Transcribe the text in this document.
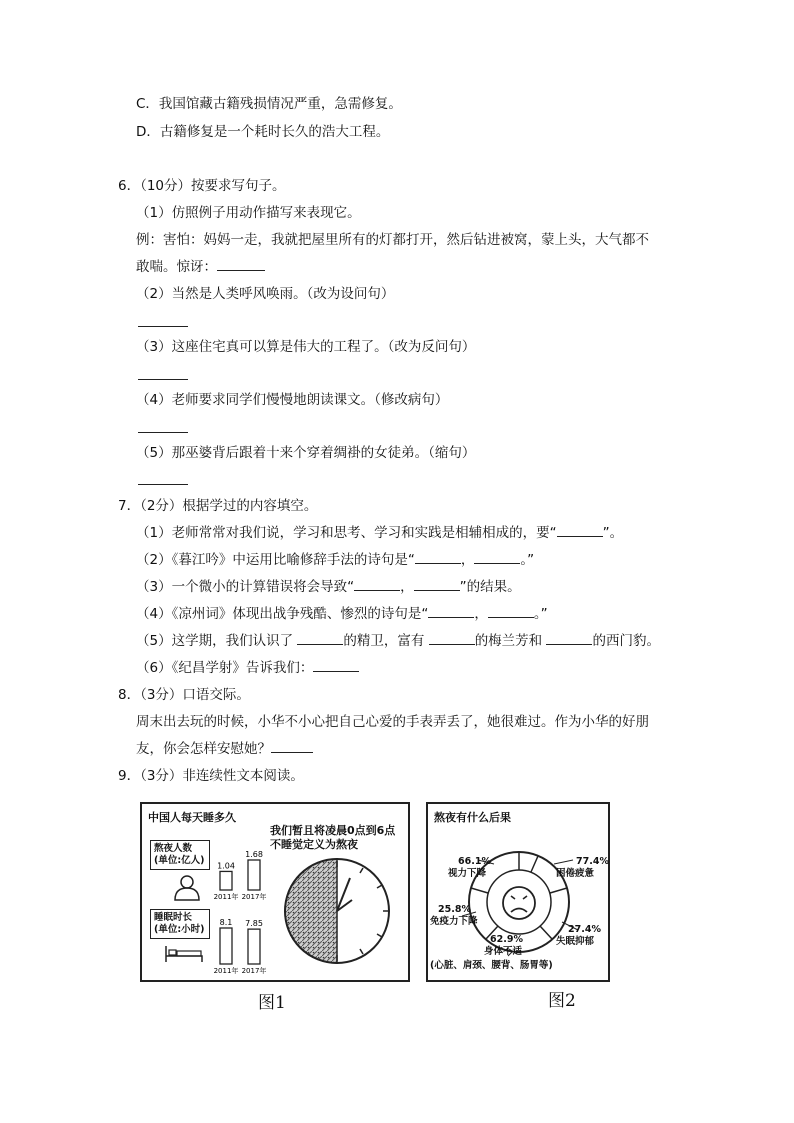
C．我国馆藏古籍残损情况严重，急需修复。
D．古籍修复是一个耗时长久的浩大工程。
6．（10分）按要求写句子。
（1）仿照例子用动作描写来表现它。
例：害怕：妈妈一走，我就把屋里所有的灯都打开，然后钻进被窝，蒙上头，大气都不
敢喘。惊讶：
（2）当然是人类呼风唤雨。（改为设问句）
（3）这座住宅真可以算是伟大的工程了。（改为反问句）
（4）老师要求同学们慢慢地朗读课文。（修改病句）
（5）那巫婆背后跟着十来个穿着绸褂的女徒弟。（缩句）
7．（2分）根据学过的内容填空。
（1）老师常常对我们说，学习和思考、学习和实践是相辅相成的，要“	”。
（2）《暮江吟》中运用比喻修辞手法的诗句是“	，	。”
（3）一个微小的计算错误将会导致“	，	”的结果。
（4）《凉州词》体现出战争残酷、惨烈的诗句是“	，	。”
（5）这学期，我们认识了	的精卫，富有	的梅兰芳和	的西门豹。
（6）《纪昌学射》告诉我们：
8．（3分）口语交际。
周末出去玩的时候，小华不小心把自己心爱的手表弄丢了，她很难过。作为小华的好朋
友，你会怎样安慰她？
9．（3分）非连续性文本阅读。
中国人每天睡多久
我们暂且将凌晨0点到6点
不睡觉定义为熬夜
熬夜人数
(单位:亿人)
睡眠时长
(单位:小时)
1.04
2011年
1.68
2017年
8.1
2011年
7.85
2017年
图1
熬夜有什么后果
66.1%
视力下降
77.4%
困倦疲惫
25.8%
免疫力下降
27.4%
失眠抑郁
62.9%
身体不适
(心脏、肩颈、腰背、肠胃等)
图2
